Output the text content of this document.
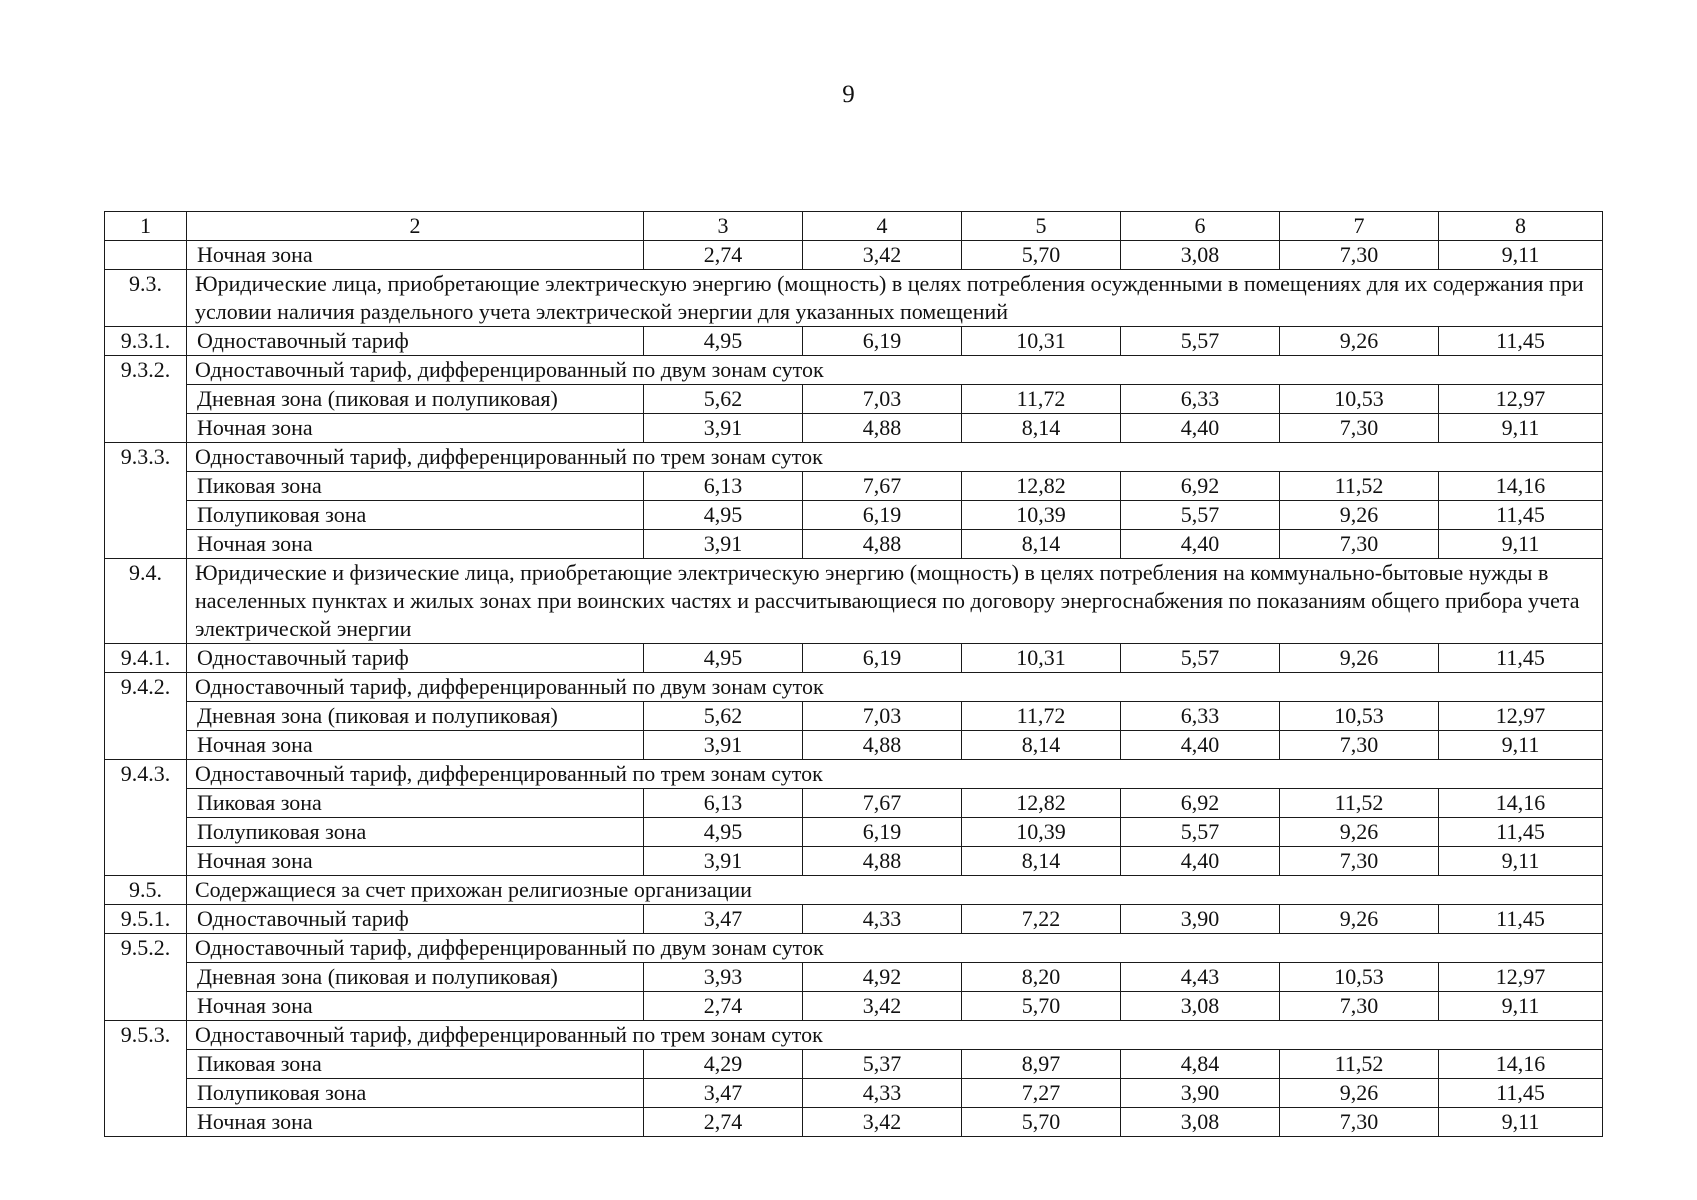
9
1	2	3	4	5	6	7	8
	Ночная зона	2,74	3,42	5,70	3,08	7,30	9,11
9.3.	Юридические лица, приобретающие электрическую энергию (мощность) в целях потребления осужденными в помещениях для их содержания при условии наличия раздельного учета электрической энергии для указанных помещений						
9.3.1.	Одноставочный тариф	4,95	6,19	10,31	5,57	9,26	11,45
9.3.2.	Одноставочный тариф, дифференцированный по двум зонам суток						
	Дневная зона (пиковая и полупиковая)	5,62	7,03	11,72	6,33	10,53	12,97
	Ночная зона	3,91	4,88	8,14	4,40	7,30	9,11
9.3.3.	Одноставочный тариф, дифференцированный по трем зонам суток						
	Пиковая зона	6,13	7,67	12,82	6,92	11,52	14,16
	Полупиковая зона	4,95	6,19	10,39	5,57	9,26	11,45
	Ночная зона	3,91	4,88	8,14	4,40	7,30	9,11
9.4.	Юридические и физические лица, приобретающие электрическую энергию (мощность) в целях потребления на коммунально-бытовые нужды в населенных пунктах и жилых зонах при воинских частях и рассчитывающиеся по договору энергоснабжения по показаниям общего прибора учета электрической энергии						
9.4.1.	Одноставочный тариф	4,95	6,19	10,31	5,57	9,26	11,45
9.4.2.	Одноставочный тариф, дифференцированный по двум зонам суток						
	Дневная зона (пиковая и полупиковая)	5,62	7,03	11,72	6,33	10,53	12,97
	Ночная зона	3,91	4,88	8,14	4,40	7,30	9,11
9.4.3.	Одноставочный тариф, дифференцированный по трем зонам суток						
	Пиковая зона	6,13	7,67	12,82	6,92	11,52	14,16
	Полупиковая зона	4,95	6,19	10,39	5,57	9,26	11,45
	Ночная зона	3,91	4,88	8,14	4,40	7,30	9,11
9.5.	Содержащиеся за счет прихожан религиозные организации						
9.5.1.	Одноставочный тариф	3,47	4,33	7,22	3,90	9,26	11,45
9.5.2.	Одноставочный тариф, дифференцированный по двум зонам суток						
	Дневная зона (пиковая и полупиковая)	3,93	4,92	8,20	4,43	10,53	12,97
	Ночная зона	2,74	3,42	5,70	3,08	7,30	9,11
9.5.3.	Одноставочный тариф, дифференцированный по трем зонам суток						
	Пиковая зона	4,29	5,37	8,97	4,84	11,52	14,16
	Полупиковая зона	3,47	4,33	7,27	3,90	9,26	11,45
	Ночная зона	2,74	3,42	5,70	3,08	7,30	9,11
